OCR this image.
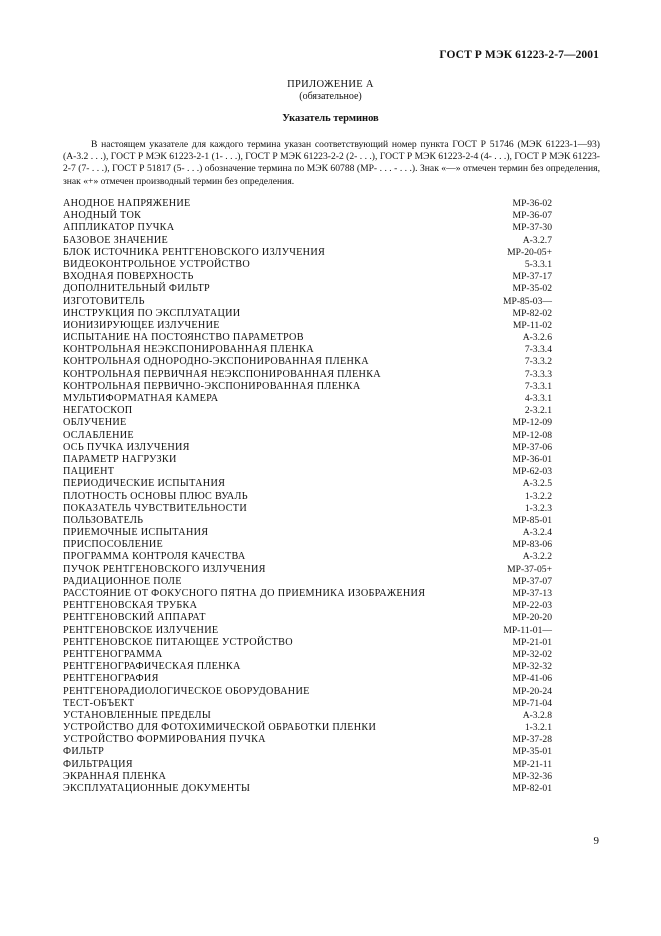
ГОСТ Р МЭК 61223-2-7—2001
ПРИЛОЖЕНИЕ А
(обязательное)
Указатель терминов
В настоящем указателе для каждого термина указан соответствующий номер пункта ГОСТ Р 51746 (МЭК 61223-1—93) (А-3.2 . . .), ГОСТ Р МЭК 61223-2-1 (1- . . .), ГОСТ Р МЭК 61223-2-2 (2- . . .), ГОСТ Р МЭК 61223-2-4 (4- . . .), ГОСТ Р МЭК 61223-2-7 (7- . . .), ГОСТ Р 51817 (5- . . .) обозначение термина по МЭК 60788 (МР- . . . - . . .). Знак «—» отмечен термин без определения, знак «+» отмечен производный термин без определения.
АНОДНОЕ НАПРЯЖЕНИЕ	МР-36-02
АНОДНЫЙ ТОК	МР-36-07
АППЛИКАТОР ПУЧКА	МР-37-30
БАЗОВОЕ ЗНАЧЕНИЕ	А-3.2.7
БЛОК ИСТОЧНИКА РЕНТГЕНОВСКОГО ИЗЛУЧЕНИЯ	МР-20-05+
ВИДЕОКОНТРОЛЬНОЕ УСТРОЙСТВО	5-3.3.1
ВХОДНАЯ ПОВЕРХНОСТЬ	МР-37-17
ДОПОЛНИТЕЛЬНЫЙ ФИЛЬТР	МР-35-02
ИЗГОТОВИТЕЛЬ	МР-85-03—
ИНСТРУКЦИЯ ПО ЭКСПЛУАТАЦИИ	МР-82-02
ИОНИЗИРУЮЩЕЕ ИЗЛУЧЕНИЕ	МР-11-02
ИСПЫТАНИЕ НА ПОСТОЯНСТВО ПАРАМЕТРОВ	А-3.2.6
КОНТРОЛЬНАЯ НЕЭКСПОНИРОВАННАЯ ПЛЕНКА	7-3.3.4
КОНТРОЛЬНАЯ ОДНОРОДНО-ЭКСПОНИРОВАННАЯ ПЛЕНКА	7-3.3.2
КОНТРОЛЬНАЯ ПЕРВИЧНАЯ НЕЭКСПОНИРОВАННАЯ ПЛЕНКА	7-3.3.3
КОНТРОЛЬНАЯ ПЕРВИЧНО-ЭКСПОНИРОВАННАЯ ПЛЕНКА	7-3.3.1
МУЛЬТИФОРМАТНАЯ КАМЕРА	4-3.3.1
НЕГАТОСКОП	2-3.2.1
ОБЛУЧЕНИЕ	МР-12-09
ОСЛАБЛЕНИЕ	МР-12-08
ОСЬ ПУЧКА ИЗЛУЧЕНИЯ	МР-37-06
ПАРАМЕТР НАГРУЗКИ	МР-36-01
ПАЦИЕНТ	МР-62-03
ПЕРИОДИЧЕСКИЕ ИСПЫТАНИЯ	А-3.2.5
ПЛОТНОСТЬ ОСНОВЫ ПЛЮС ВУАЛЬ	1-3.2.2
ПОКАЗАТЕЛЬ ЧУВСТВИТЕЛЬНОСТИ	1-3.2.3
ПОЛЬЗОВАТЕЛЬ	МР-85-01
ПРИЕМОЧНЫЕ ИСПЫТАНИЯ	А-3.2.4
ПРИСПОСОБЛЕНИЕ	МР-83-06
ПРОГРАММА КОНТРОЛЯ КАЧЕСТВА	А-3.2.2
ПУЧОК РЕНТГЕНОВСКОГО ИЗЛУЧЕНИЯ	МР-37-05+
РАДИАЦИОННОЕ ПОЛЕ	МР-37-07
РАССТОЯНИЕ ОТ ФОКУСНОГО ПЯТНА ДО ПРИЕМНИКА ИЗОБРАЖЕНИЯ	МР-37-13
РЕНТГЕНОВСКАЯ ТРУБКА	МР-22-03
РЕНТГЕНОВСКИЙ АППАРАТ	МР-20-20
РЕНТГЕНОВСКОЕ ИЗЛУЧЕНИЕ	МР-11-01—
РЕНТГЕНОВСКОЕ ПИТАЮЩЕЕ УСТРОЙСТВО	МР-21-01
РЕНТГЕНОГРАММА	МР-32-02
РЕНТГЕНОГРАФИЧЕСКАЯ ПЛЕНКА	МР-32-32
РЕНТГЕНОГРАФИЯ	МР-41-06
РЕНТГЕНОРАДИОЛОГИЧЕСКОЕ ОБОРУДОВАНИЕ	МР-20-24
ТЕСТ-ОБЪЕКТ	МР-71-04
УСТАНОВЛЕННЫЕ ПРЕДЕЛЫ	А-3.2.8
УСТРОЙСТВО ДЛЯ ФОТОХИМИЧЕСКОЙ ОБРАБОТКИ ПЛЕНКИ	1-3.2.1
УСТРОЙСТВО ФОРМИРОВАНИЯ ПУЧКА	МР-37-28
ФИЛЬТР	МР-35-01
ФИЛЬТРАЦИЯ	МР-21-11
ЭКРАННАЯ ПЛЕНКА	МР-32-36
ЭКСПЛУАТАЦИОННЫЕ ДОКУМЕНТЫ	МР-82-01
9
